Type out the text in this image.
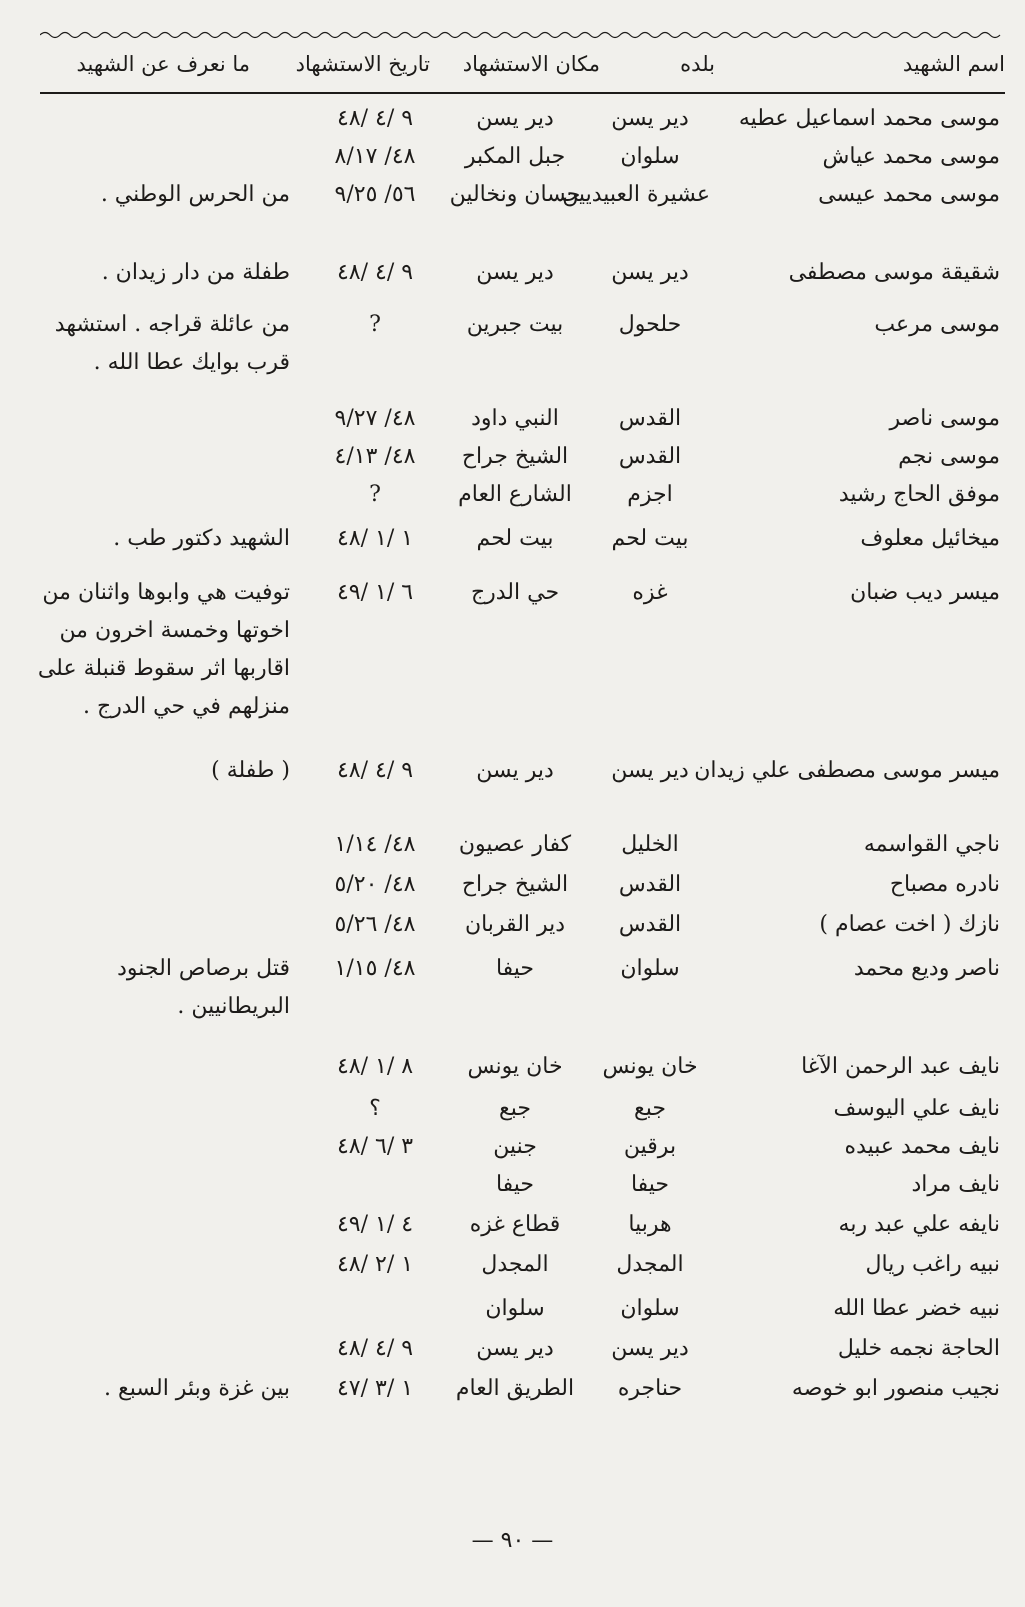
اسم الشهيد
بلده
مكان الاستشهاد
تاريخ الاستشهاد
ما نعرف عن الشهيد
موسى محمد اسماعيل عطيه
دير يسن
دير يسن
٩ /٤ /٤٨
موسى محمد عياش
سلوان
جبل المكبر
٤٨/ ٨/١٧
موسى محمد عيسى
عشيرة العبيديين
حسان ونخالين
٥٦/ ٩/٢٥
من الحرس الوطني .
شقيقة موسى مصطفى
دير يسن
دير يسن
٩ /٤ /٤٨
طفلة من دار زيدان .
موسى مرعب
حلحول
بيت جبرين
?
من عائلة قراجه . استشهد قرب بوايك عطا الله .
موسى ناصر
القدس
النبي داود
٤٨/ ٩/٢٧
موسى نجم
القدس
الشيخ جراح
٤٨/ ٤/١٣
موفق الحاج رشيد
اجزم
الشارع العام
?
ميخائيل معلوف
بيت لحم
بيت لحم
١ /١ /٤٨
الشهيد دكتور طب .
ميسر ديب ضبان
غزه
حي الدرج
٦ /١ /٤٩
توفيت هي وابوها واثنان من اخوتها وخمسة اخرون من اقاربها اثر سقوط قنبلة على منزلهم في حي الدرج .
ميسر موسى مصطفى علي زيدان
دير يسن
دير يسن
٩ /٤ /٤٨
( طفلة )
ناجي القواسمه
الخليل
كفار عصيون
٤٨/ ١/١٤
نادره مصباح
القدس
الشيخ جراح
٤٨/ ٥/٢٠
نازك ( اخت عصام )
القدس
دير القربان
٤٨/ ٥/٢٦
ناصر وديع محمد
سلوان
حيفا
٤٨/ ١/١٥
قتل برصاص الجنود البريطانيين .
نايف عبد الرحمن الآغا
خان يونس
خان يونس
٨ /١ /٤٨
نايف علي اليوسف
جبع
جبع
؟
نايف محمد عبيده
برقين
جنين
٣ /٦ /٤٨
نايف مراد
حيفا
حيفا
نايفه علي عبد ربه
هربيا
قطاع غزه
٤ /١ /٤٩
نبيه راغب ريال
المجدل
المجدل
١ /٢ /٤٨
نبيه خضر عطا الله
سلوان
سلوان
الحاجة نجمه خليل
دير يسن
دير يسن
٩ /٤ /٤٨
نجيب منصور ابو خوصه
حناجره
الطريق العام
١ /٣ /٤٧
بين غزة وبئر السبع .
— ٩٠ —
